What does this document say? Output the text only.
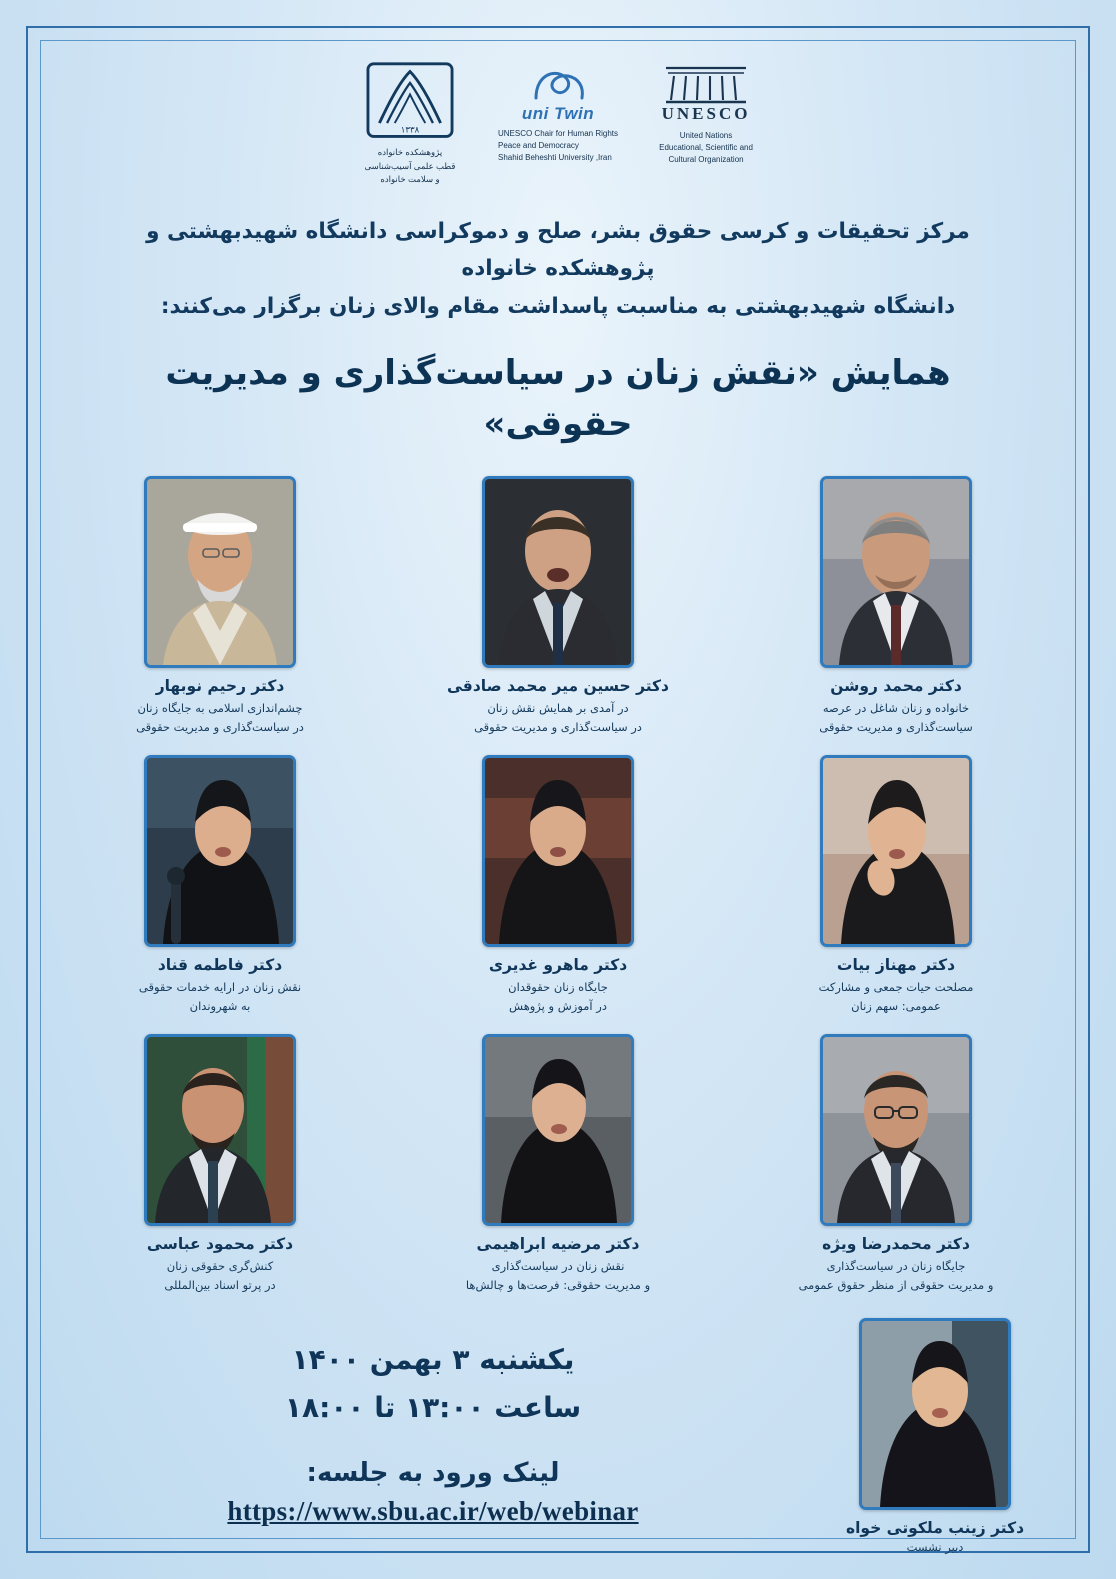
۱۳۳۸
پژوهشکده خانواده
قطب علمی آسیب‌شناسی
و سلامت خانواده
uni Twin
UNESCO Chair for Human Rights
Peace and Democracy
Shahid Beheshti University ,Iran
UNESCO
United Nations
Educational, Scientific and
Cultural Organization
مرکز تحقیقات و کرسی حقوق بشر، صلح و دموکراسی دانشگاه شهیدبهشتی و پژوهشکده خانواده
دانشگاه شهیدبهشتی به مناسبت پاسداشت مقام والای زنان برگزار می‌کنند:
همایش «نقش زنان در سیاست‌گذاری و مدیریت حقوقی»
دکتر محمد روشن
خانواده و زنان شاغل در عرصه
سیاست‌گذاری و مدیریت حقوقی
دکتر حسین میر محمد صادقی
در آمدی بر همایش نقش زنان
در سیاست‌گذاری و مدیریت حقوقی
دکتر رحیم نوبهار
چشم‌اندازی اسلامی به جایگاه زنان
در سیاست‌گذاری و مدیریت حقوقی
دکتر مهناز بیات
مصلحت حیات جمعی و مشارکت
عمومی: سهم زنان
دکتر ماهرو غدیری
جایگاه زنان حقوقدان
در آموزش و پژوهش
دکتر فاطمه قناد
نقش زنان در ارایه خدمات حقوقی
به شهروندان
دکتر محمدرضا ویژه
جایگاه زنان در سیاست‌گذاری
و مدیریت حقوقی از منظر حقوق عمومی
دکتر مرضیه ابراهیمی
نقش زنان در سیاست‌گذاری
و مدیریت حقوقی: فرصت‌ها و چالش‌ها
دکتر محمود عباسی
کنش‌گری حقوقی زنان
در پرتو اسناد بین‌المللی
یکشنبه ۳ بهمن ۱۴۰۰
ساعت ۱۳:۰۰ تا ۱۸:۰۰
لینک ورود به جلسه:
https://www.sbu.ac.ir/web/webinar
دکتر زینب ملکوتی خواه
دبیر نشست
